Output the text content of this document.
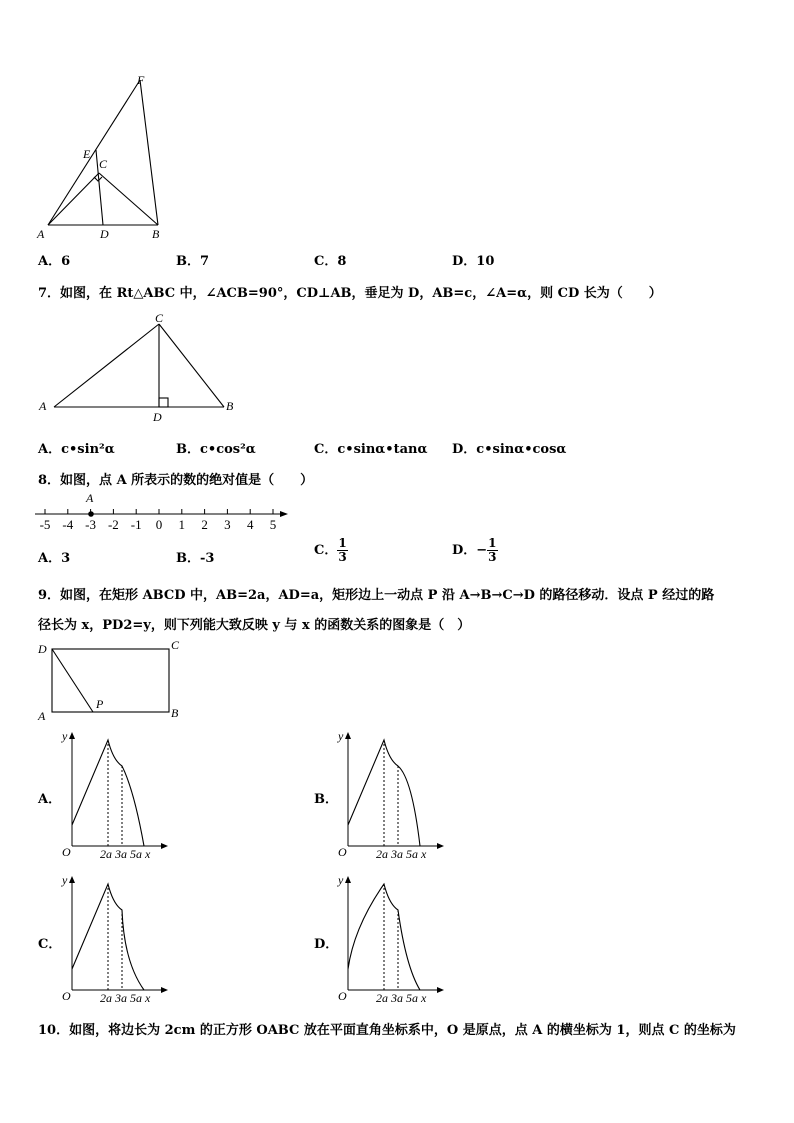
F
E
C
A	D	B
A．6	B．7	C．8	D．10
7．如图，在 Rt△ABC 中，∠ACB=90°，CD⊥AB，垂足为 D，AB=c，∠A=α，则 CD 长为（　　）
C
A
D
B
A．c•sin²α	B．c•cos²α	C．c•sinα•tanα D．c•sinα•cosα
8．如图，点 A 所表示的数的绝对值是（　　）
-5 -4 -3 -2 -1 0 1 2 3 4 5
A
A．3	B．-3
C． $\frac{1}{3}$	D．− $\frac{1}{3}$
9．如图，在矩形 ABCD 中，AB=2a，AD=a，矩形边上一动点 P 沿 A→B→C→D 的路径移动．设点 P 经过的路
径长为 x，PD2=y，则下列能大致反映 y 与 x 的函数关系的图象是（　）
D	C
A	B
P
A．	B．
C．	D．
y
O 2a 3a 5a x
y
O 2a 3a 5a x
y
O 2a 3a 5a x
y
O 2a 3a 5a x
10．如图，将边长为 2cm 的正方形 OABC 放在平面直角坐标系中，O 是原点，点 A 的横坐标为 1，则点 C 的坐标为
